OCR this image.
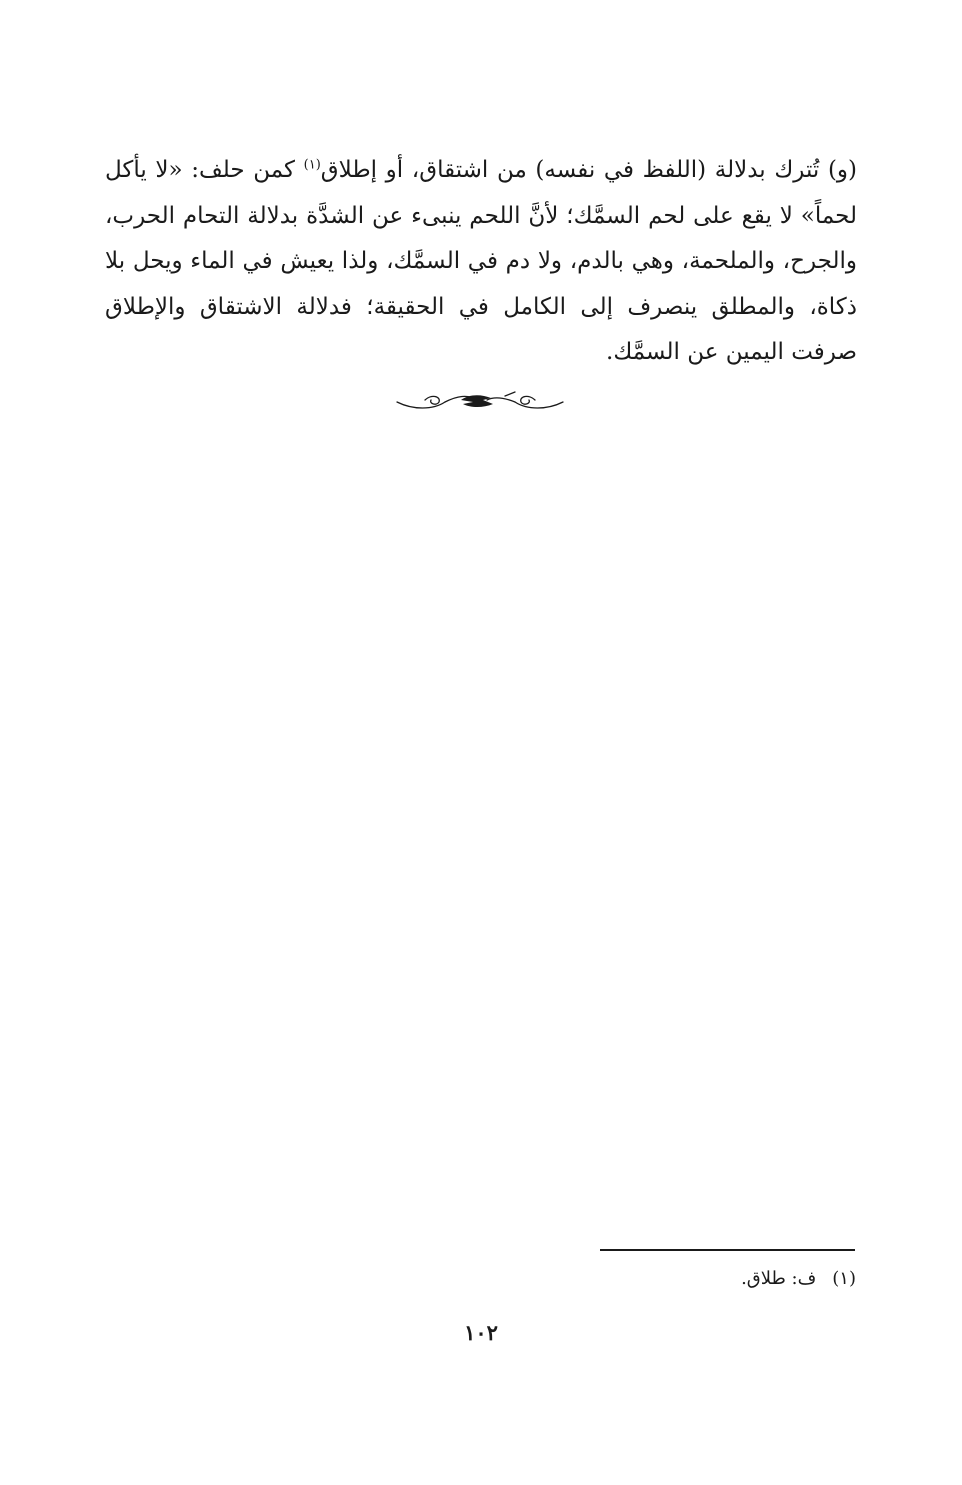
(و) تُترك بدلالة (اللفظ في نفسه) من اشتقاق، أو إطلاق$^{(١)}$ كمن حلف: «لا يأكل لحماً» لا يقع على لحم السمَّك؛ لأنَّ اللحم ينبىء عن الشدَّة بدلالة التحام الحرب، والجرح، والملحمة، وهي بالدم، ولا دم في السمَّك، ولذا يعيش في الماء ويحل بلا ذكاة، والمطلق ينصرف إلى الكامل في الحقيقة؛ فدلالة الاشتقاق والإطلاق صرفت اليمين عن السمَّك.

(١)ف: طلاق.
١٠٢
